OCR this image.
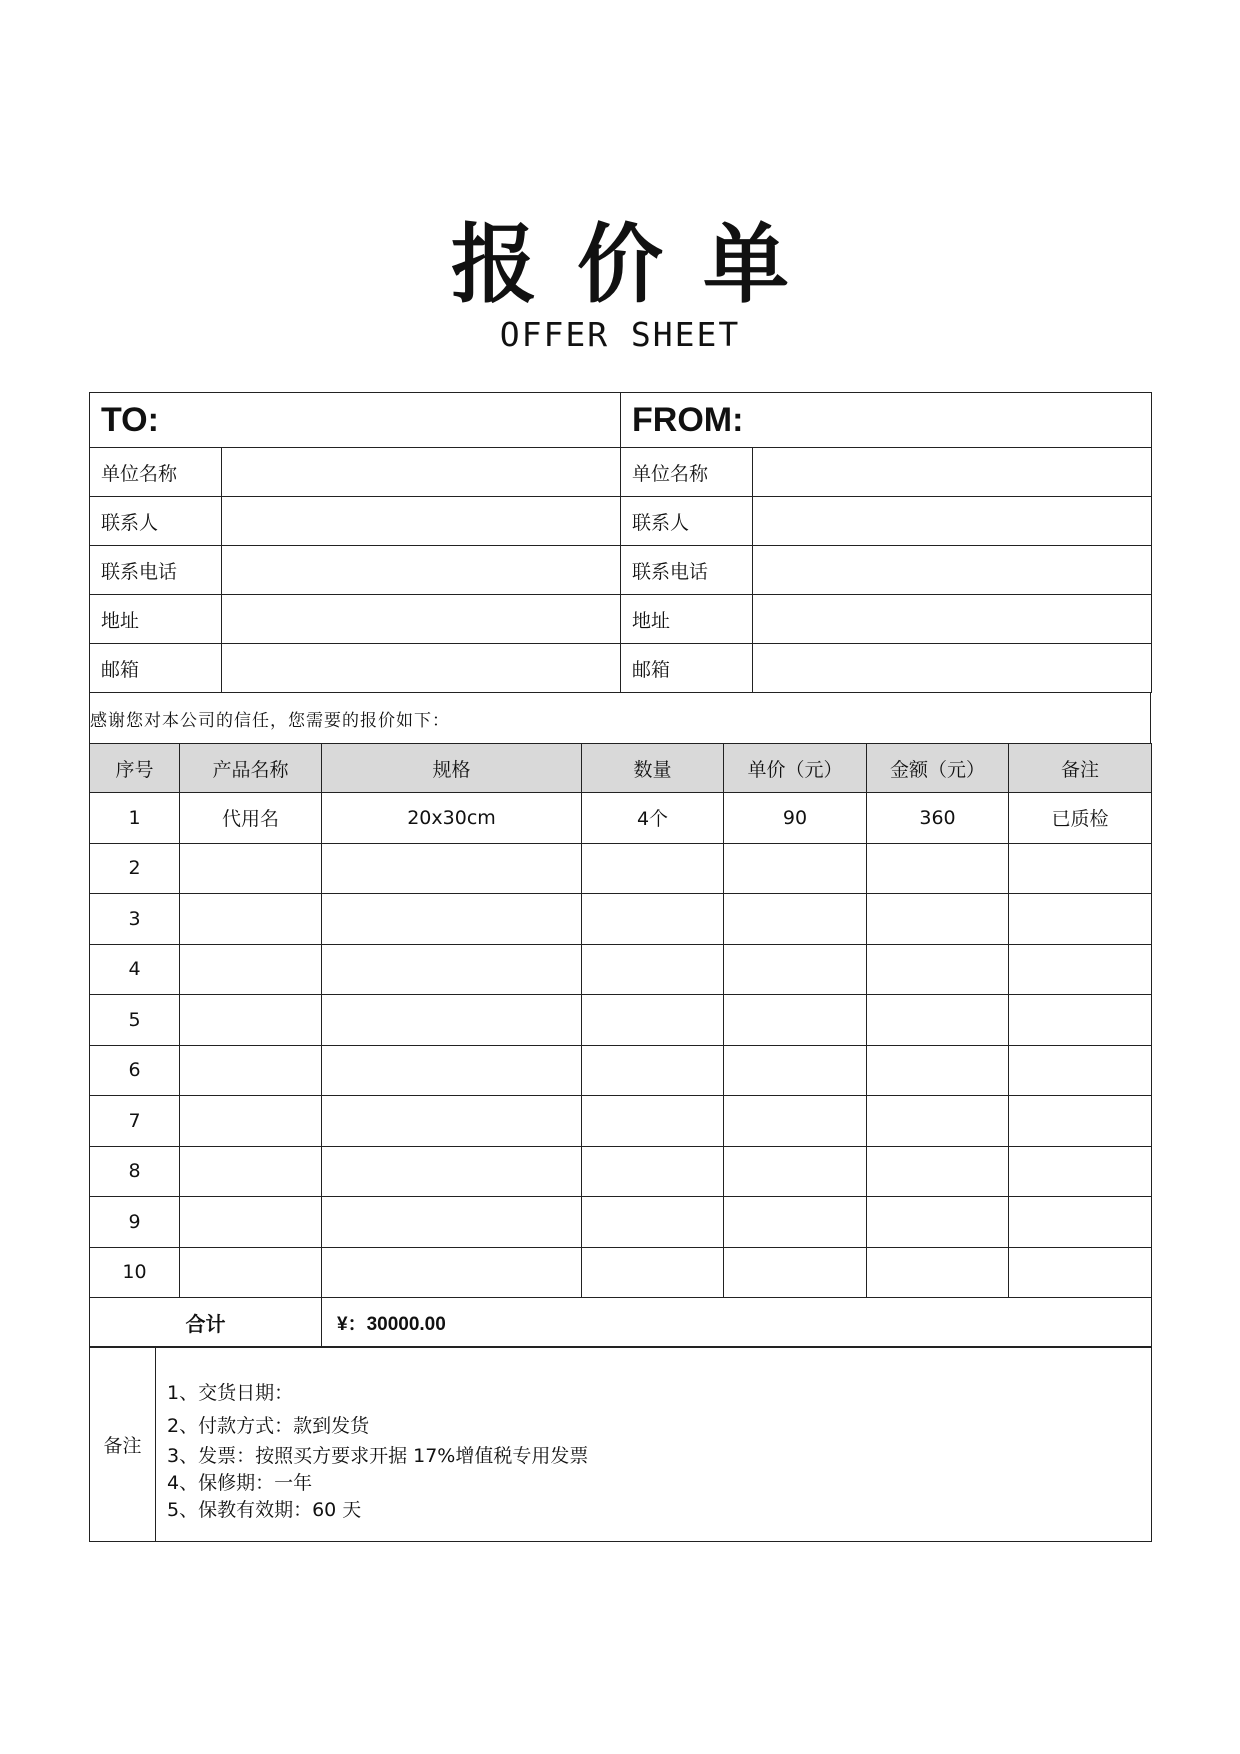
报价单
OFFER SHEET
TO:		FROM:	
单位名称		单位名称	
联系人		联系人	
联系电话		联系电话	
地址		地址	
邮箱		邮箱	
感谢您对本公司的信任，您需要的报价如下：
序号	产品名称	规格	数量	单价（元）	金额（元）	备注
1	代用名	20x30cm	4个	90	360	已质检
2						
3						
4						
5						
6						
7						
8						
9						
10						
合计	¥：30000.00
备注	
1、交货日期：
2、付款方式：款到发货
3、发票：按照买方要求开据 17%增值税专用发票
4、保修期：一年
5、保教有效期：60 天
